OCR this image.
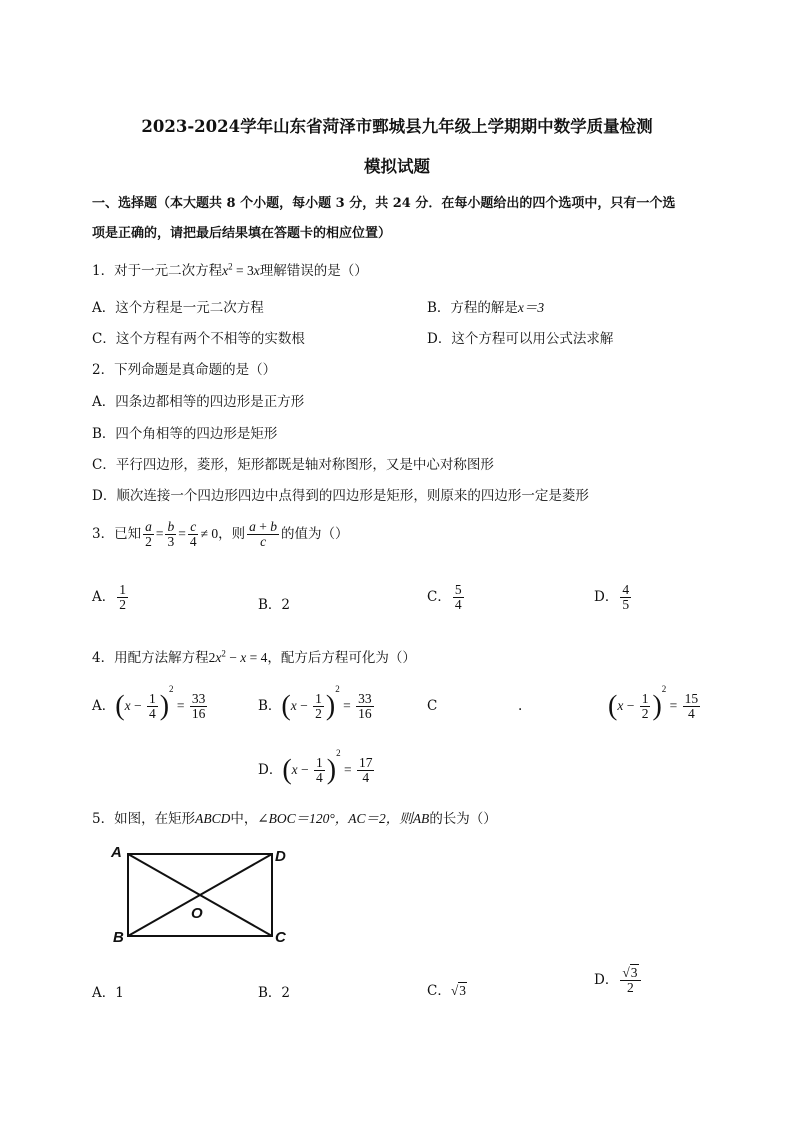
2023-2024学年山东省菏泽市鄄城县九年级上学期期中数学质量检测
模拟试题
一、选择题（本大题共 8 个小题，每小题 3 分，共 24 分．在每小题给出的四个选项中，只有一个选
项是正确的，请把最后结果填在答题卡的相应位置）
1．对于一元二次方程$x^2 = 3x$理解错误的是（）
A．这个方程是一元二次方程	B．方程的解是x＝3
C．这个方程有两个不相等的实数根	D．这个方程可以用公式法求解
2．下列命题是真命题的是（）
A．四条边都相等的四边形是正方形
B．四个角相等的四边形是矩形
C．平行四边形，菱形，矩形都既是轴对称图形，又是中心对称图形
D．顺次连接一个四边形四边中点得到的四边形是矩形，则原来的四边形一定是菱形
3．已知 $\frac{a}{2} = \frac{b}{3} = \frac{c}{4} \ne 0$，则 $\frac{a + b}{c}$ 的值为（）
A． $\frac{1}{2}$	B．2	C． $\frac{5}{4}$	D． $\frac{4}{5}$
4．用配方法解方程$2x^2 - x = 4$，配方后方程可化为（）
A．$(x - \frac{1}{4} )^2 = \frac{33}{16}$	B．$(x - \frac{1}{2} )^2 = \frac{33}{16}$	C	.	$(x - \frac{1}{2} )^2 = \frac{15}{4}$
D．$(x - \frac{1}{4} )^2 = \frac{17}{4}$
5．如图，在矩形ABCD中，∠BOC＝120°，AC＝2，则AB的长为（）
A	D
O
B	C
A．1	B．2	C．√3
D． $\frac{√3}{2}$
